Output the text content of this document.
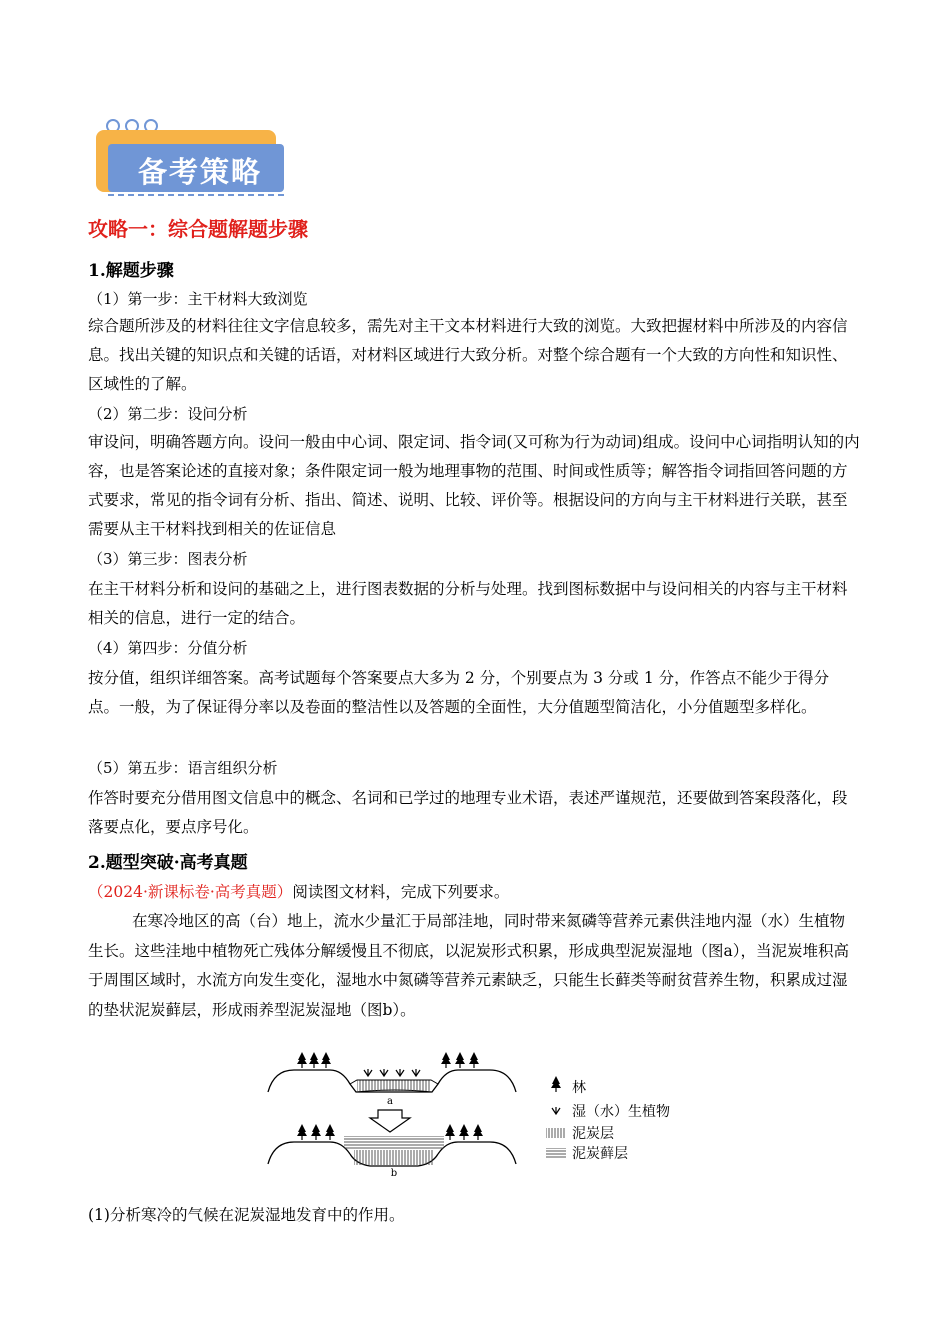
备考策略
攻略一：综合题解题步骤
1.解题步骤
（1）第一步：主干材料大致浏览
综合题所涉及的材料往往文字信息较多，需先对主干文本材料进行大致的浏览。大致把握材料中所涉及的内容信息。找出关键的知识点和关键的话语，对材料区域进行大致分析。对整个综合题有一个大致的方向性和知识性、区域性的了解。
（2）第二步：设问分析
审设问，明确答题方向。设问一般由中心词、限定词、指令词(又可称为行为动词)组成。设问中心词指明认知的内容，也是答案论述的直接对象；条件限定词一般为地理事物的范围、时间或性质等；解答指令词指回答问题的方式要求，常见的指令词有分析、指出、简述、说明、比较、评价等。根据设问的方向与主干材料进行关联，甚至需要从主干材料找到相关的佐证信息
（3）第三步：图表分析
在主干材料分析和设问的基础之上，进行图表数据的分析与处理。找到图标数据中与设问相关的内容与主干材料相关的信息，进行一定的结合。
（4）第四步：分值分析
按分值，组织详细答案。高考试题每个答案要点大多为 2 分，个别要点为 3 分或 1 分，作答点不能少于得分点。一般，为了保证得分率以及卷面的整洁性以及答题的全面性，大分值题型简洁化，小分值题型多样化。
（5）第五步：语言组织分析
作答时要充分借用图文信息中的概念、名词和已学过的地理专业术语，表述严谨规范，还要做到答案段落化，段落要点化，要点序号化。
2.题型突破·高考真题
（2024·新课标卷·高考真题）阅读图文材料，完成下列要求。
在寒冷地区的高（台）地上，流水少量汇于局部洼地，同时带来氮磷等营养元素供洼地内湿（水）生植物生长。这些洼地中植物死亡残体分解缓慢且不彻底，以泥炭形式积累，形成典型泥炭湿地（图a），当泥炭堆积高于周围区域时，水流方向发生变化，湿地水中氮磷等营养元素缺乏，只能生长藓类等耐贫营养生物，积累成过湿的垫状泥炭藓层，形成雨养型泥炭湿地（图b）。
a
b
林
湿（水）生植物
泥炭层
泥炭藓层
(1)分析寒冷的气候在泥炭湿地发育中的作用。
